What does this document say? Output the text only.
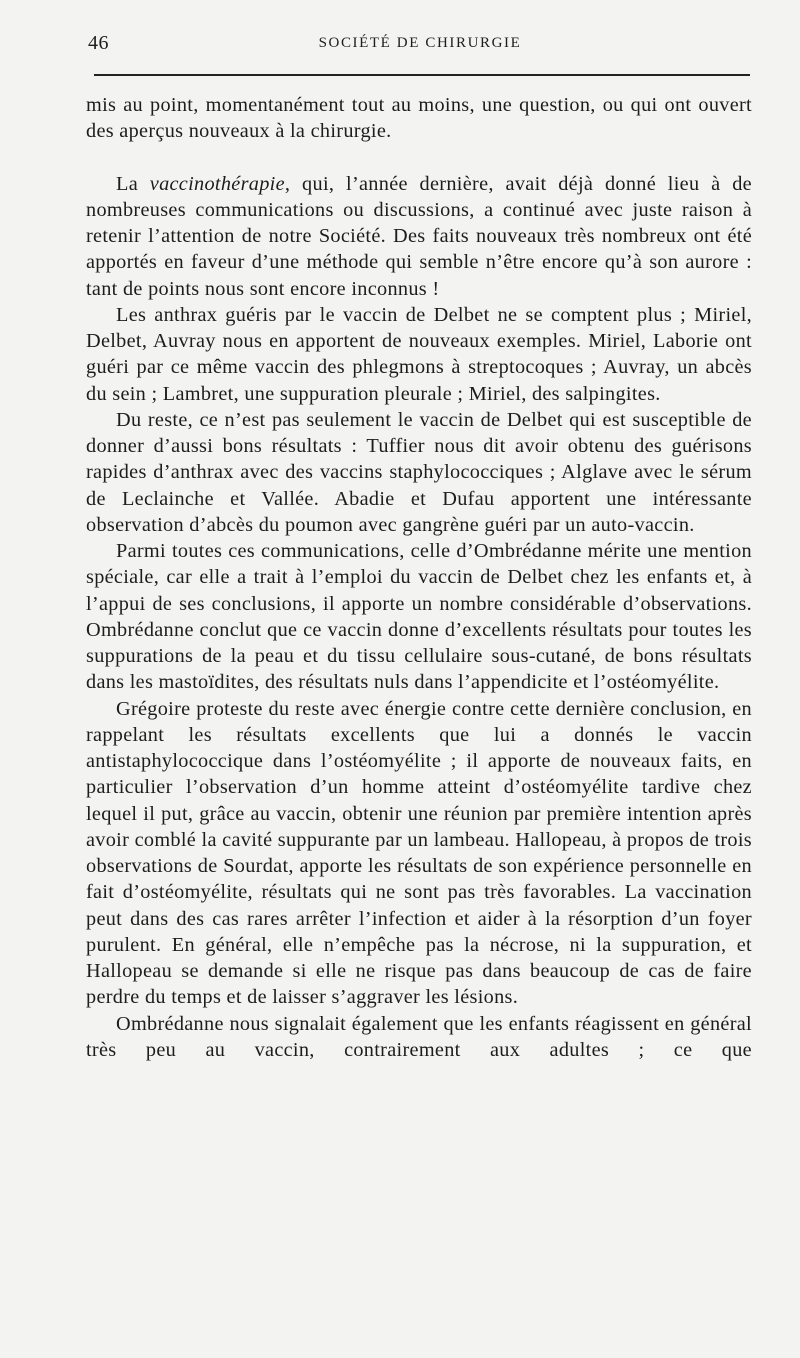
46	SOCIÉTÉ DE CHIRURGIE

mis au point, momentanément tout au moins, une question, ou qui ont ouvert des aperçus nouveaux à la chirurgie.

La vaccinothérapie, qui, l’année dernière, avait déjà donné lieu à de nombreuses communications ou discussions, a continué avec juste raison à retenir l’attention de notre Société. Des faits nouveaux très nombreux ont été apportés en faveur d’une méthode qui semble n’être encore qu’à son aurore : tant de points nous sont encore inconnus !

Les anthrax guéris par le vaccin de Delbet ne se comptent plus ; Miriel, Delbet, Auvray nous en apportent de nouveaux exemples. Miriel, Laborie ont guéri par ce même vaccin des phlegmons à streptocoques ; Auvray, un abcès du sein ; Lambret, une suppuration pleurale ; Miriel, des salpingites.

Du reste, ce n’est pas seulement le vaccin de Delbet qui est susceptible de donner d’aussi bons résultats : Tuffier nous dit avoir obtenu des guérisons rapides d’anthrax avec des vaccins staphylococciques ; Alglave avec le sérum de Leclainche et Vallée. Abadie et Dufau apportent une intéressante observation d’abcès du poumon avec gangrène guéri par un auto-vaccin.

Parmi toutes ces communications, celle d’Ombrédanne mérite une mention spéciale, car elle a trait à l’emploi du vaccin de Delbet chez les enfants et, à l’appui de ses conclusions, il apporte un nombre considérable d’observations. Ombrédanne conclut que ce vaccin donne d’excellents résultats pour toutes les suppurations de la peau et du tissu cellulaire sous-cutané, de bons résultats dans les mastoïdites, des résultats nuls dans l’appendicite et l’ostéomyélite.

Grégoire proteste du reste avec énergie contre cette dernière conclusion, en rappelant les résultats excellents que lui a donnés le vaccin antistaphylococcique dans l’ostéomyélite ; il apporte de nouveaux faits, en particulier l’observation d’un homme atteint d’ostéomyélite tardive chez lequel il put, grâce au vaccin, obtenir une réunion par première intention après avoir comblé la cavité suppurante par un lambeau. Hallopeau, à propos de trois observations de Sourdat, apporte les résultats de son expérience personnelle en fait d’ostéomyélite, résultats qui ne sont pas très favorables. La vaccination peut dans des cas rares arrêter l’infection et aider à la résorption d’un foyer purulent. En général, elle n’empêche pas la nécrose, ni la suppuration, et Hallopeau se demande si elle ne risque pas dans beaucoup de cas de faire perdre du temps et de laisser s’aggraver les lésions.

Ombrédanne nous signalait également que les enfants réagissent en général très peu au vaccin, contrairement aux adultes ; ce que
